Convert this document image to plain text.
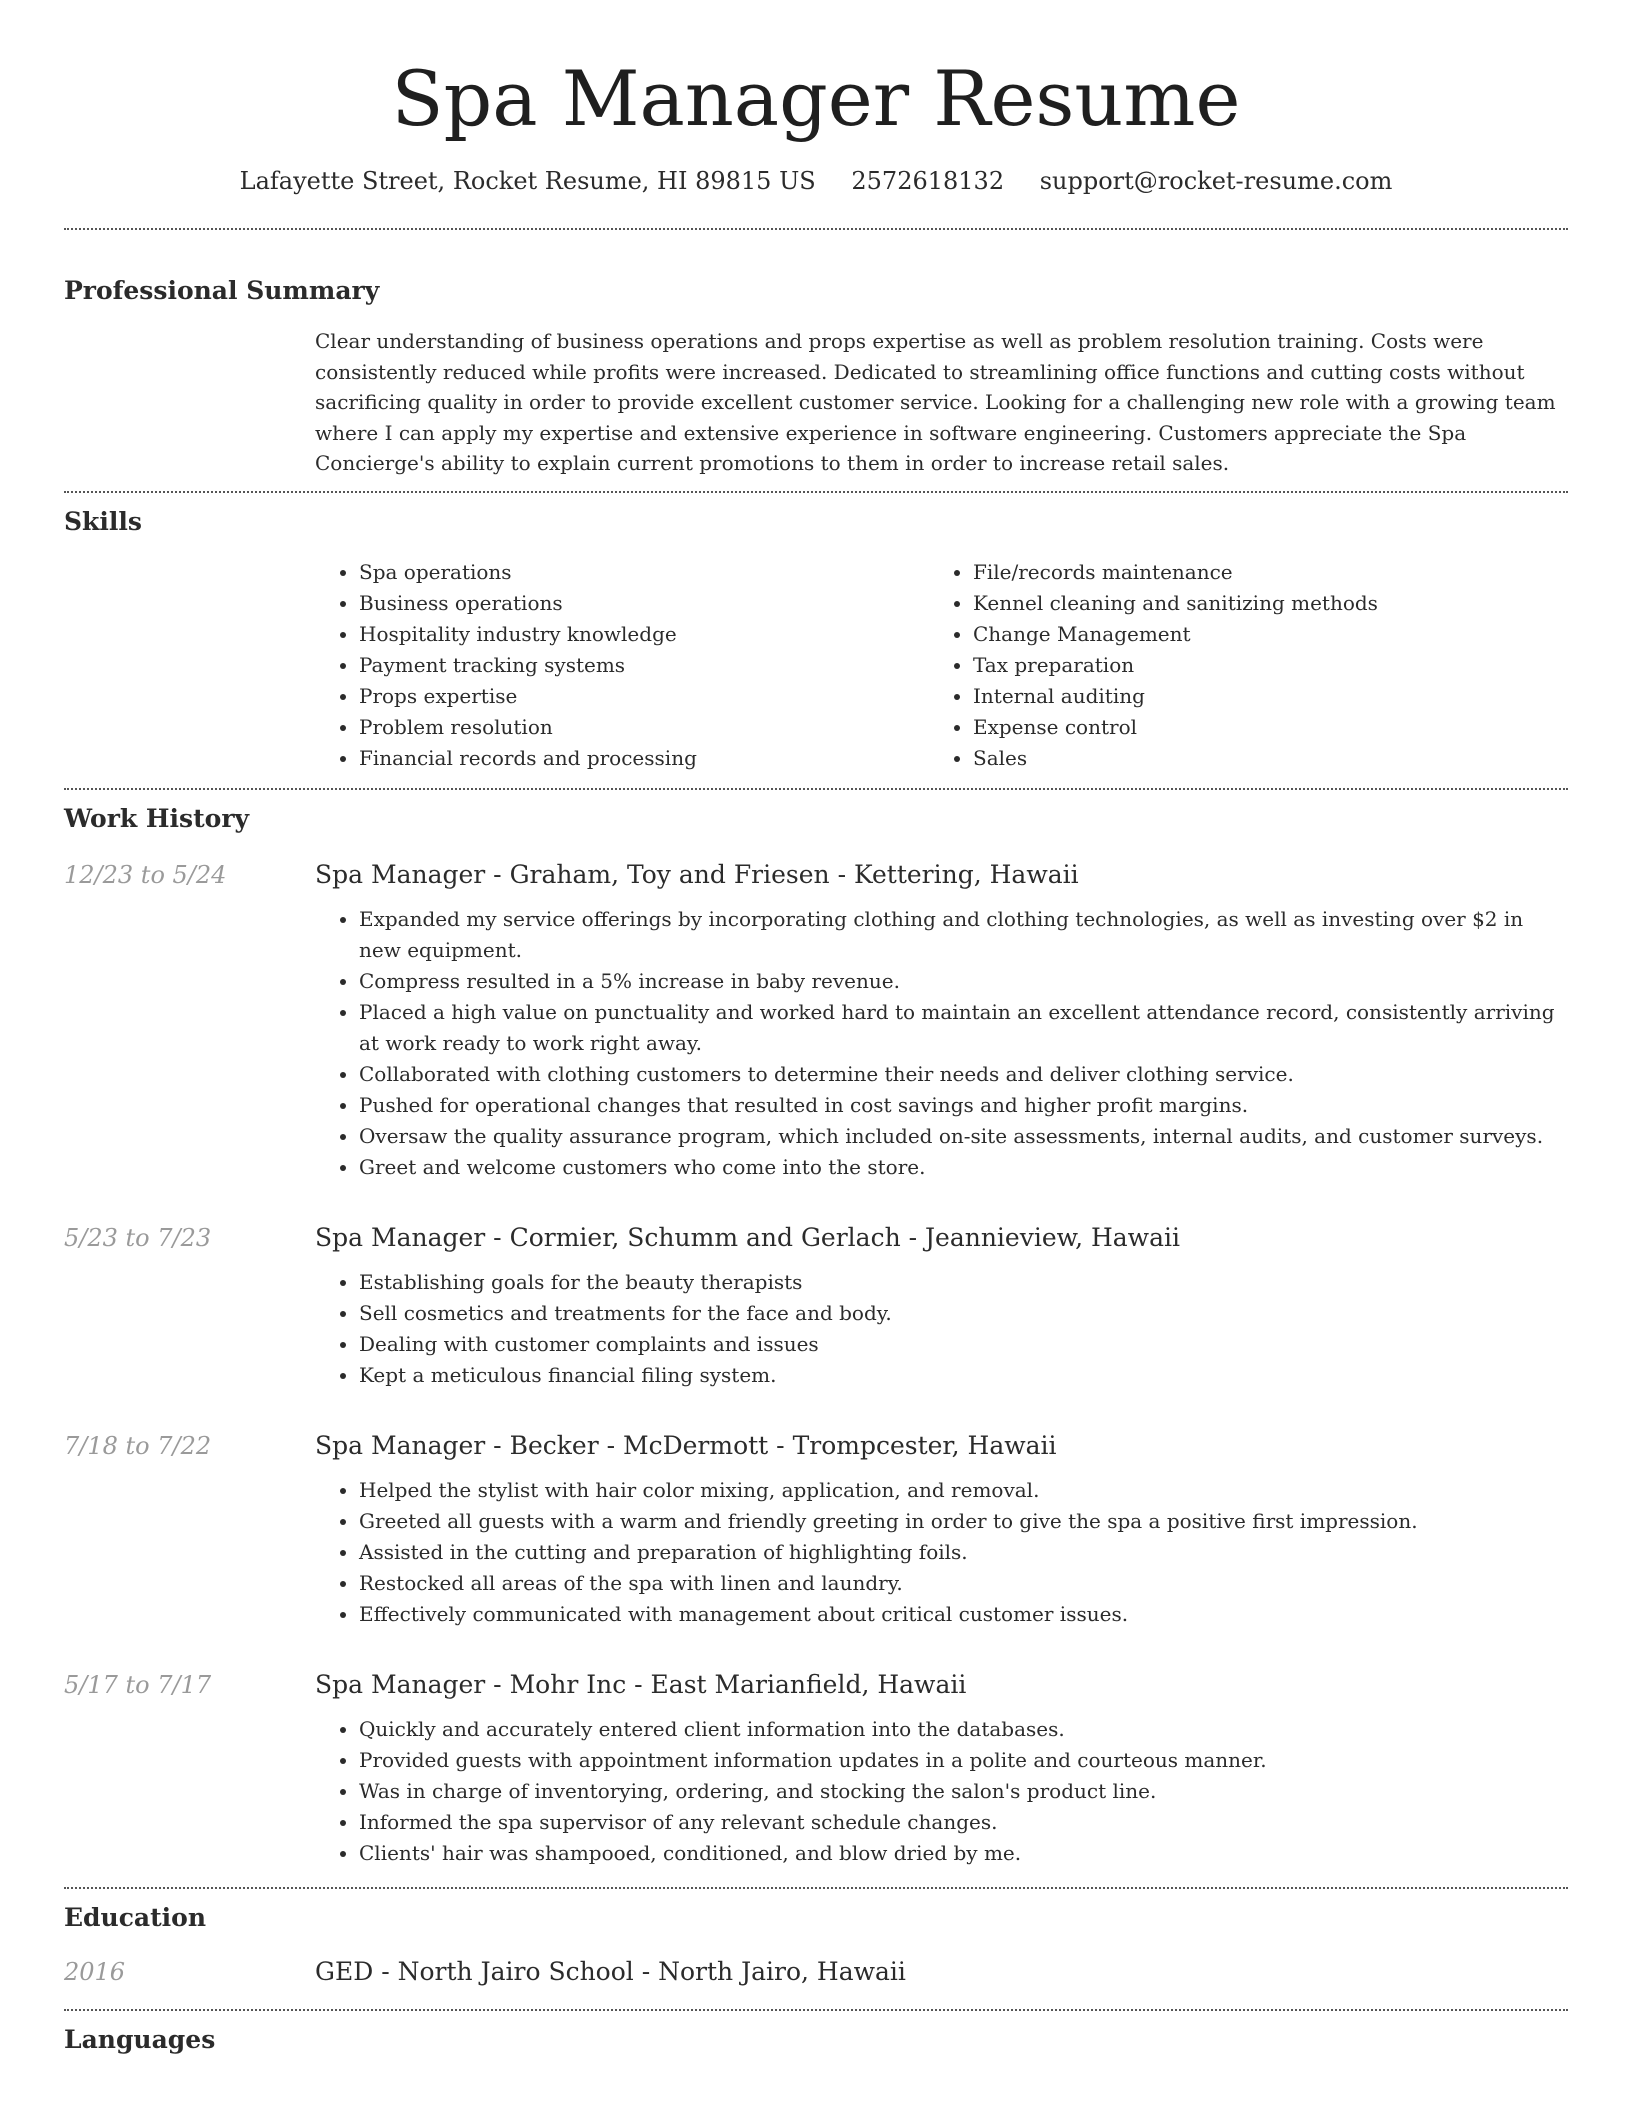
Spa Manager Resume
Lafayette Street, Rocket Resume, HI 89815 US 2572618132 support@rocket-resume.com
Professional Summary
Clear understanding of business operations and props expertise as well as problem resolution training. Costs were consistently reduced while profits were increased. Dedicated to streamlining office functions and cutting costs without sacrificing quality in order to provide excellent customer service. Looking for a challenging new role with a growing team where I can apply my expertise and extensive experience in software engineering. Customers appreciate the Spa Concierge's ability to explain current promotions to them in order to increase retail sales.
Skills
• Spa operations
• Business operations
• Hospitality industry knowledge
• Payment tracking systems
• Props expertise
• Problem resolution
• Financial records and processing
• File/records maintenance
• Kennel cleaning and sanitizing methods
• Change Management
• Tax preparation
• Internal auditing
• Expense control
• Sales
Work History
12/23 to 5/24	Spa Manager - Graham, Toy and Friesen - Kettering, Hawaii
• Expanded my service offerings by incorporating clothing and clothing technologies, as well as investing over $2 in new equipment.
• Compress resulted in a 5% increase in baby revenue.
• Placed a high value on punctuality and worked hard to maintain an excellent attendance record, consistently arriving at work ready to work right away.
• Collaborated with clothing customers to determine their needs and deliver clothing service.
• Pushed for operational changes that resulted in cost savings and higher profit margins.
• Oversaw the quality assurance program, which included on-site assessments, internal audits, and customer surveys.
• Greet and welcome customers who come into the store.
5/23 to 7/23	Spa Manager - Cormier, Schumm and Gerlach - Jeannieview, Hawaii
• Establishing goals for the beauty therapists
• Sell cosmetics and treatments for the face and body.
• Dealing with customer complaints and issues
• Kept a meticulous financial filing system.
7/18 to 7/22	Spa Manager - Becker - McDermott - Trompcester, Hawaii
• Helped the stylist with hair color mixing, application, and removal.
• Greeted all guests with a warm and friendly greeting in order to give the spa a positive first impression.
• Assisted in the cutting and preparation of highlighting foils.
• Restocked all areas of the spa with linen and laundry.
• Effectively communicated with management about critical customer issues.
5/17 to 7/17	Spa Manager - Mohr Inc - East Marianfield, Hawaii
• Quickly and accurately entered client information into the databases.
• Provided guests with appointment information updates in a polite and courteous manner.
• Was in charge of inventorying, ordering, and stocking the salon's product line.
• Informed the spa supervisor of any relevant schedule changes.
• Clients' hair was shampooed, conditioned, and blow dried by me.
Education
2016	GED - North Jairo School - North Jairo, Hawaii
Languages
